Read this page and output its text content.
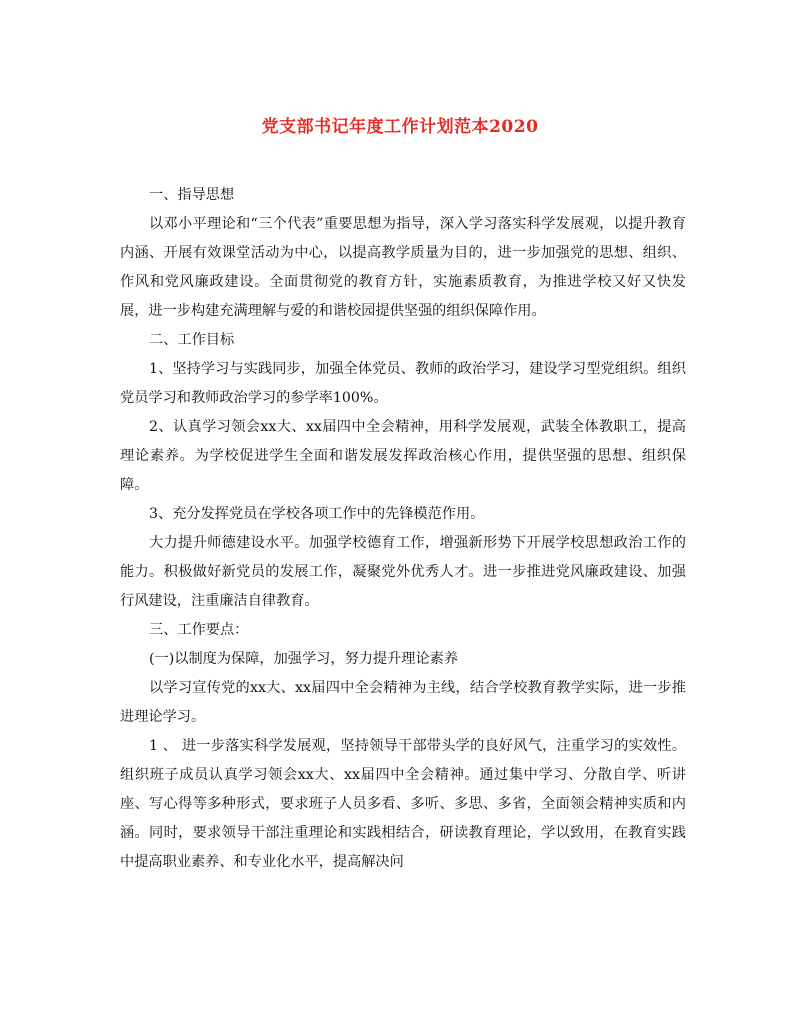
党支部书记年度工作计划范本2020

一、指导思想

以邓小平理论和“三个代表”重要思想为指导，深入学习落实科学发展观，以提升教育内涵、开展有效课堂活动为中心，以提高教学质量为目的，进一步加强党的思想、组织、作风和党风廉政建设。全面贯彻党的教育方针，实施素质教育，为推进学校又好又快发展，进一步构建充满理解与爱的和谐校园提供坚强的组织保障作用。

二、工作目标

1、坚持学习与实践同步，加强全体党员、教师的政治学习，建设学习型党组织。组织党员学习和教师政治学习的参学率100%。

2、认真学习领会xx大、xx届四中全会精神，用科学发展观，武装全体教职工，提高理论素养。为学校促进学生全面和谐发展发挥政治核心作用，提供坚强的思想、组织保障。

3、充分发挥党员在学校各项工作中的先锋模范作用。

大力提升师德建设水平。加强学校德育工作，增强新形势下开展学校思想政治工作的能力。积极做好新党员的发展工作，凝聚党外优秀人才。进一步推进党风廉政建设、加强行风建设，注重廉洁自律教育。

三、工作要点：

(一)以制度为保障，加强学习，努力提升理论素养

以学习宣传党的xx大、xx届四中全会精神为主线，结合学校教育教学实际，进一步推进理论学习。

1 、 进一步落实科学发展观，坚持领导干部带头学的良好风气，注重学习的实效性。组织班子成员认真学习领会xx大、xx届四中全会精神。通过集中学习、分散自学、听讲座、写心得等多种形式，要求班子人员多看、多听、多思、多省，全面领会精神实质和内涵。同时，要求领导干部注重理论和实践相结合，研读教育理论，学以致用，在教育实践中提高职业素养、和专业化水平，提高解决问
